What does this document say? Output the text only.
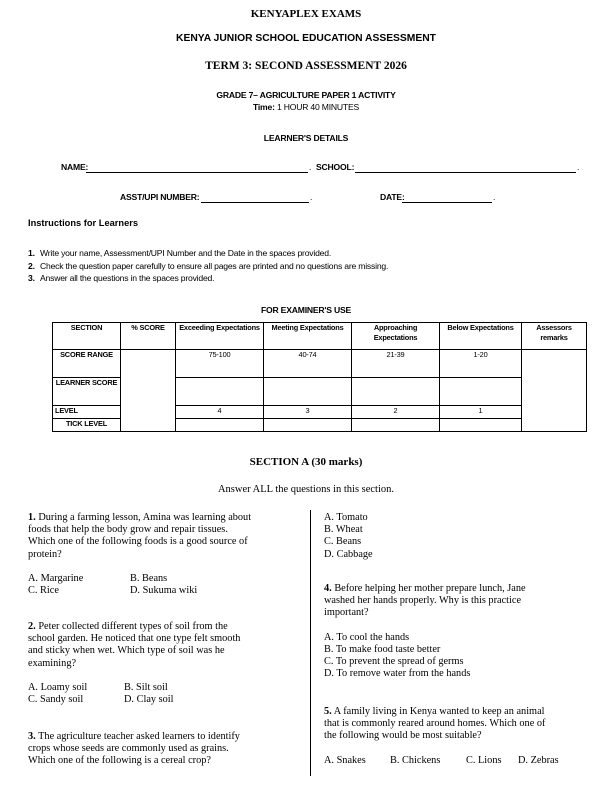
KENYAPLEX EXAMS
KENYA JUNIOR SCHOOL EDUCATION ASSESSMENT
TERM 3: SECOND ASSESSMENT 2026
GRADE 7– AGRICULTURE PAPER 1 ACTIVITY
Time: 1 HOUR 40 MINUTES
LEARNER'S DETAILS
NAME:	. SCHOOL:	.
ASST/UPI NUMBER:	.	DATE:	.
Instructions for Learners
1. Write your name, Assessment/UPI Number and the Date in the spaces provided.
2. Check the question paper carefully to ensure all pages are printed and no questions are missing.
3. Answer all the questions in the spaces provided.
FOR EXAMINER'S USE
SECTION	% SCORE	Exceeding Expectations	Meeting Expectations	Approaching Expectations	Below Expectations	Assessors remarks
SCORE RANGE		75-100	40-74	21-39	1-20	
LEARNER SCORE						
LEVEL		4	3	2	1	
TICK LEVEL						
SECTION A (30 marks)
Answer ALL the questions in this section.
1. During a farming lesson, Amina was learning about
foods that help the body grow and repair tissues.
Which one of the following foods is a good source of
protein?
A. Margarine	B. Beans
C. Rice	D. Sukuma wiki
2. Peter collected different types of soil from the
school garden. He noticed that one type felt smooth
and sticky when wet. Which type of soil was he
examining?
A. Loamy soil	B. Silt soil
C. Sandy soil	D. Clay soil
3. The agriculture teacher asked learners to identify
crops whose seeds are commonly used as grains.
Which one of the following is a cereal crop?
A. Tomato
B. Wheat
C. Beans
D. Cabbage
4. Before helping her mother prepare lunch, Jane
washed her hands properly. Why is this practice
important?
A. To cool the hands
B. To make food taste better
C. To prevent the spread of germs
D. To remove water from the hands
5. A family living in Kenya wanted to keep an animal
that is commonly reared around homes. Which one of
the following would be most suitable?
A. Snakes B. Chickens C. Lions D. Zebras
